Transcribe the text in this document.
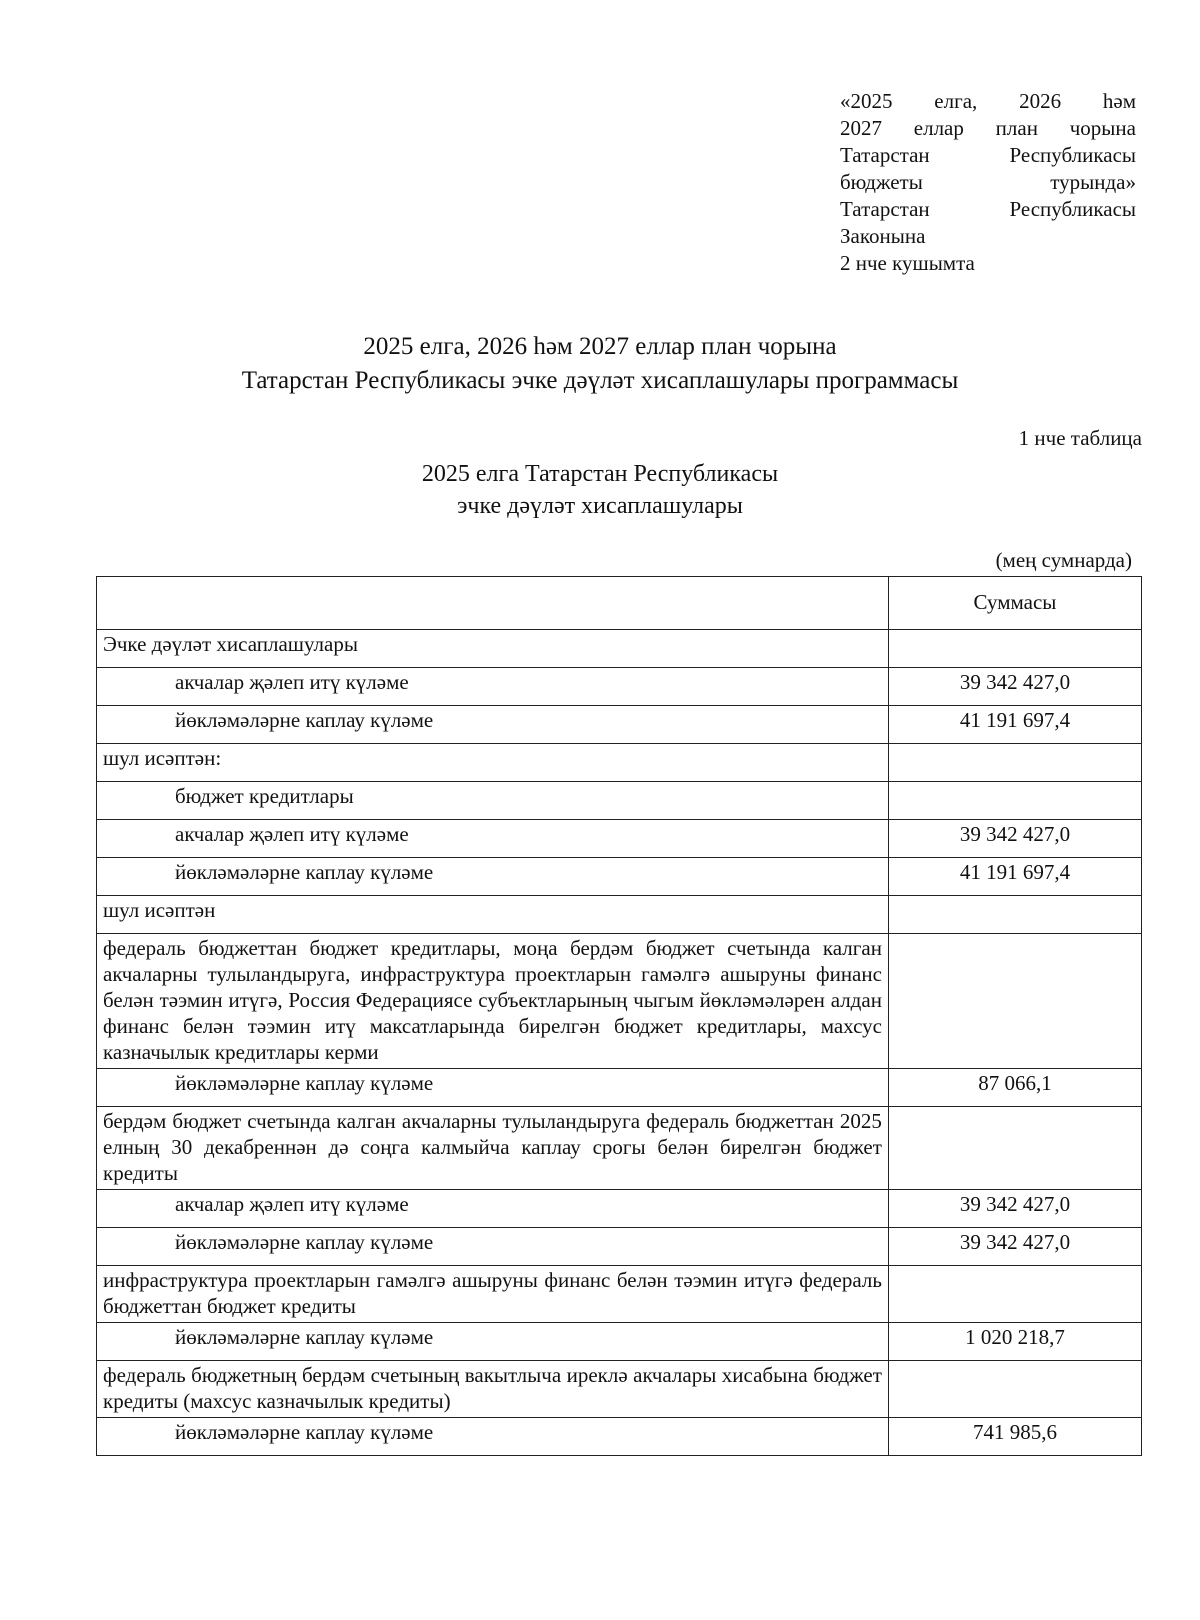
«2025 елга, 2026 һәм
2027 еллар план чорына
Татарстан	Республикасы
бюджеты	турында»
Татарстан	Республикасы
Законына
2 нче кушымта
2025 елга, 2026 һәм 2027 еллар план чорына
Татарстан Республикасы эчке дәүләт хисаплашулары программасы
1 нче таблица
2025 елга Татарстан Республикасы
эчке дәүләт хисаплашулары
(мең сумнарда)
	Суммасы
Эчке дәүләт хисаплашулары	
акчалар җәлеп итү күләме	39 342 427,0
йөкләмәләрне каплау күләме	41 191 697,4
шул исәптән:	
бюджет кредитлары	
акчалар җәлеп итү күләме	39 342 427,0
йөкләмәләрне каплау күләме	41 191 697,4
шул исәптән	
федераль бюджеттан бюджет кредитлары, моңа бердәм бюджет счетында калган акчаларны тулыландыруга, инфраструктура проектларын гамәлгә ашыруны финанс белән тәэмин итүгә, Россия Федерациясе субъектларының чыгым йөкләмәләрен алдан финанс белән тәэмин итү максатларында бирелгән бюджет кредитлары, махсус казначылык кредитлары керми	
йөкләмәләрне каплау күләме	87 066,1
бердәм бюджет счетында калган акчаларны тулыландыруга федераль бюджеттан 2025 елның 30 декабреннән дә соңга калмыйча каплау срогы белән бирелгән бюджет кредиты	
акчалар җәлеп итү күләме	39 342 427,0
йөкләмәләрне каплау күләме	39 342 427,0
инфраструктура проектларын гамәлгә ашыруны финанс белән тәэмин итүгә федераль бюджеттан бюджет кредиты	
йөкләмәләрне каплау күләме	1 020 218,7
федераль бюджетның бердәм счетының вакытлыча иреклә акчалары хисабына бюджет кредиты (махсус казначылык кредиты)	
йөкләмәләрне каплау күләме	741 985,6
